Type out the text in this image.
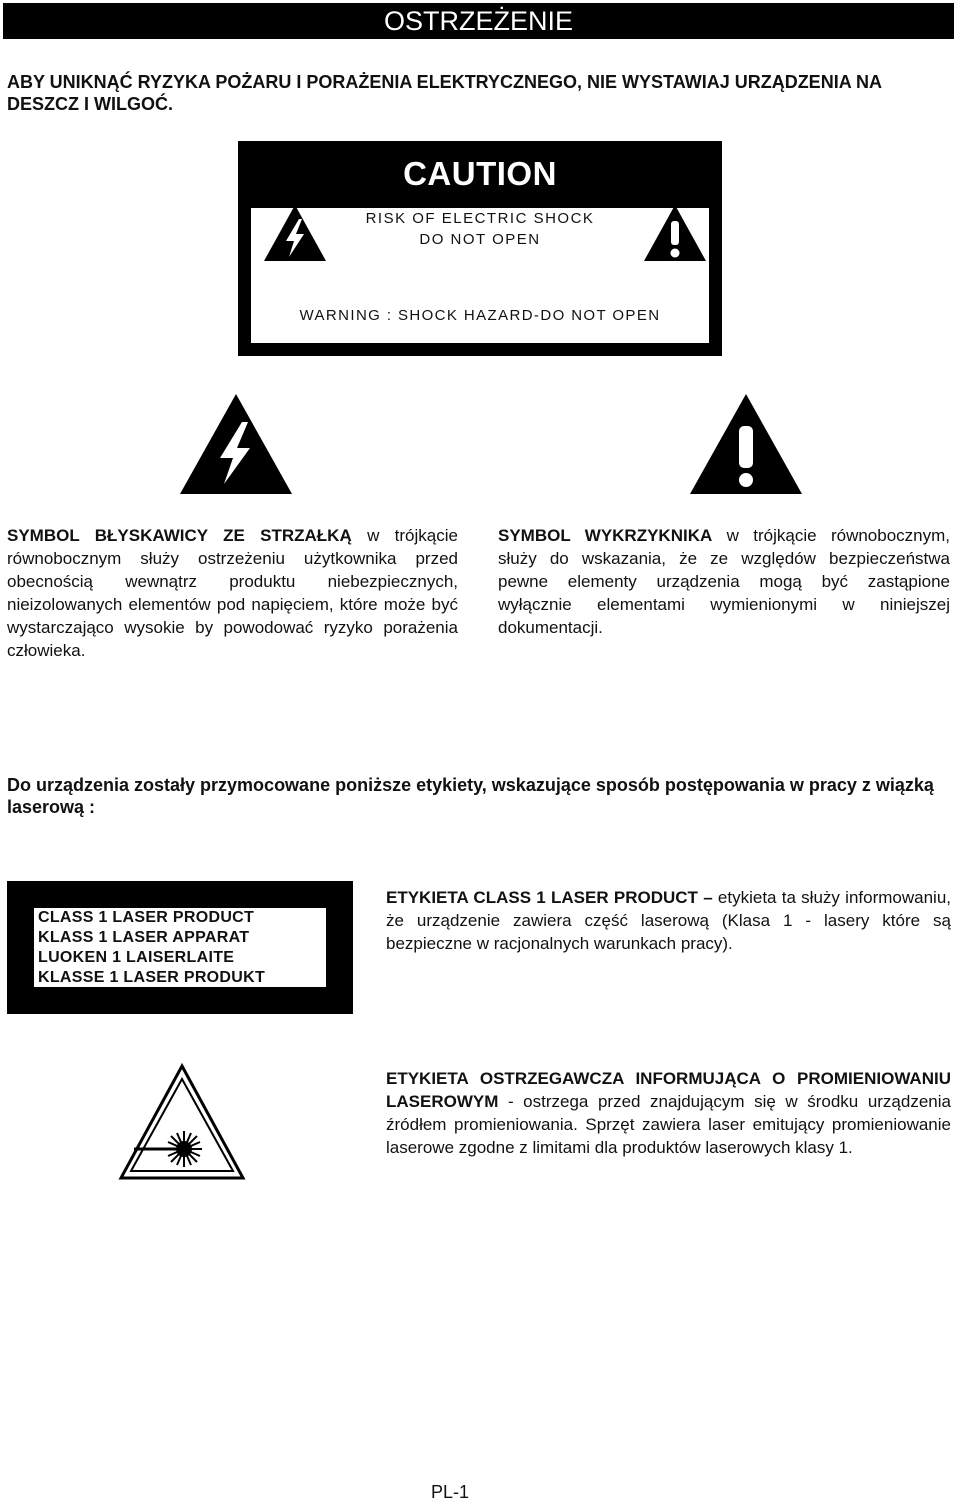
OSTRZEŻENIE
ABY UNIKNĄĆ RYZYKA POŻARU I PORAŻENIA ELEKTRYCZNEGO, NIE WYSTAWIAJ URZĄDZENIA NA DESZCZ I WILGOĆ.
CAUTION
RISK OF ELECTRIC SHOCK
DO NOT OPEN
WARNING : SHOCK HAZARD-DO NOT OPEN
SYMBOL BŁYSKAWICY ZE STRZAŁKĄ w trójkącie równobocznym służy ostrzeżeniu użytkownika przed obecnością wewnątrz produktu niebezpiecznych, nieizolowanych elementów pod napięciem, które może być wystarczająco wysokie by powodować ryzyko porażenia człowieka.
SYMBOL WYKRZYKNIKA w trójkącie równobocznym, służy do wskazania, że ze względów bezpieczeństwa pewne elementy urządzenia mogą być zastąpione wyłącznie elementami wymienionymi w niniejszej dokumentacji.
Do urządzenia zostały przymocowane poniższe etykiety, wskazujące sposób postępowania w pracy z wiązką laserową :
CLASS 1 LASER PRODUCT
KLASS 1 LASER APPARAT
LUOKEN 1 LAISERLAITE
KLASSE 1 LASER PRODUKT
ETYKIETA CLASS 1 LASER PRODUCT – etykieta ta służy informowaniu, że urządzenie zawiera część laserową (Klasa 1 - lasery które są bezpieczne w racjonalnych warunkach pracy).
ETYKIETA OSTRZEGAWCZA INFORMUJĄCA O PROMIENIOWANIU LASEROWYM - ostrzega przed znajdującym się w środku urządzenia źródłem promieniowania. Sprzęt zawiera laser emitujący promieniowanie laserowe zgodne z limitami dla produktów laserowych klasy 1.
PL-1
